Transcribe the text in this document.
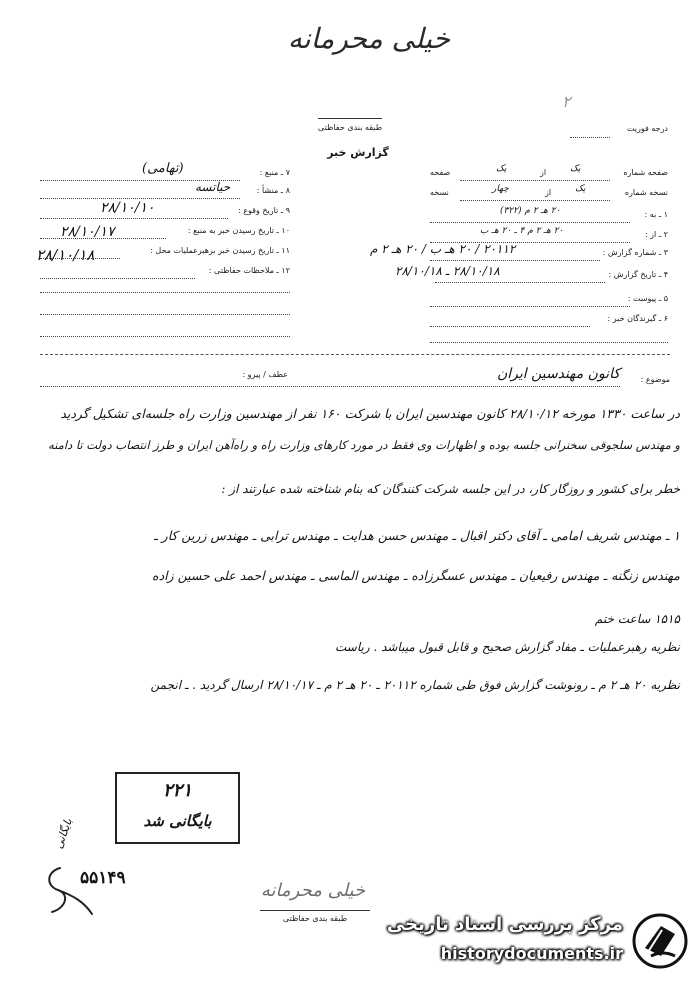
خیلی محرمانه
۲
طبقه بندی حفاظتی
گزارش خبر
درجه فوریت
۷ ـ منبع :
(تهامی)
۸ ـ منشأ :
حیاتسه
۹ ـ تاریخ وقوع :
۲۸/۱۰/۱۰
۱۰ ـ تاریخ رسیدن خبر به منبع :
۲۸/۱۰/۱۷
۱۱ ـ تاریخ رسیدن خبر برهبرعملیات محل :
۲۸/۱۰/۱۸
۱۲ ـ ملاحظات حفاظتی :
صفحه شماره
یک
از
یک
صفحه
نسخه شماره
یک
از
چهار
نسخه
۱ ـ به :
۲۰ هـ ۲ م (۳۲۲)
۲ ـ از :
۲۰ هـ ۲ م ۴ ـ ۲۰ هـ ب
۳ ـ شماره گزارش :
۲۰۱۱۲ / ۲۰ هـ ب / ۲۰ هـ ۲ م
۴ ـ تاریخ گزارش :
۲۸/۱۰/۱۸ ـ ۲۸/۱۰/۱۸
۵ ـ پیوست :
۶ ـ گیرندگان خبر :
عطف / پیرو :
موضوع :
کانون مهندسین ایران
در ساعت ۱۳۳۰ مورخه ۲۸/۱۰/۱۲ کانون مهندسین ایران با شرکت ۱۶۰ نفر از مهندسین وزارت راه جلسه‌ای تشکیل گردید
و مهندس سلجوقی سخنرانی جلسه بوده و اظهارات وی فقط در مورد کارهای وزارت راه و راه‌آهن ایران و طرز انتصاب دولت تا دامنه
خطر برای کشور و روزگار کار، در این جلسه شرکت کنندگان که بنام شناخته شده عبارتند از :
۱ ـ مهندس شریف امامی ـ آقای دکتر اقبال ـ مهندس حسن هدایت ـ مهندس ترابی ـ مهندس زرین کار ـ
مهندس زنگنه ـ مهندس رفیعیان ـ مهندس عسگرزاده ـ مهندس الماسی ـ مهندس احمد علی حسین زاده
۱۵۱۵ ساعت ختم
نظریه رهبرعملیات ـ مفاد گزارش صحیح و قابل قبول میباشد . ریاست
نظریه ۲۰ هـ ۲ م ـ رونوشت گزارش فوق طی شماره ۲۰۱۱۲ ـ ۲۰ هـ ۲ م ـ ۲۸/۱۰/۱۷ ارسال گردید . ـ انجمن
۲۲۱
بایگانی شد
بایگانی
۵۵۱۴۹
خیلی محرمانه
طبقه بندی حفاظتی	مرکز بررسی اسناد تاریخی
historydocuments.ir
